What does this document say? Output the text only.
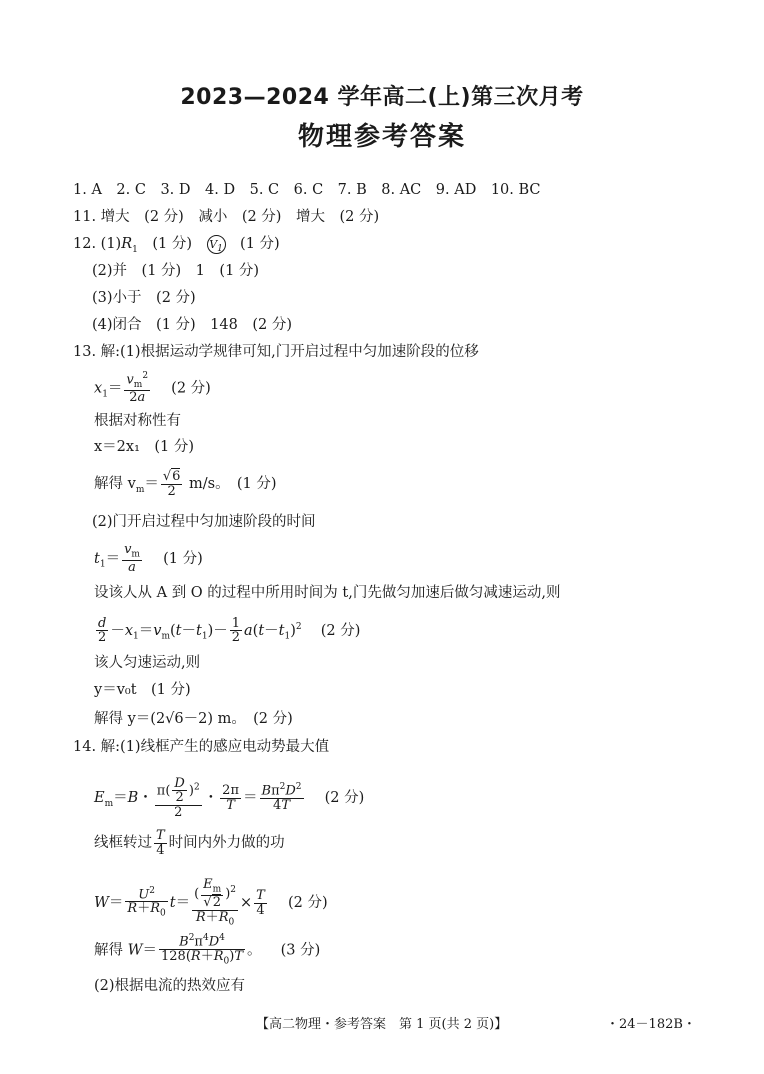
2023—2024 学年高二(上)第三次月考
物理参考答案
1. A　2. C　3. D　4. D　5. C　6. C　7. B　8. AC　9. AD　10. BC
11. 增大　(2 分)　减小　(2 分)　增大　(2 分)
12. $(1)R_1$　 (1 分)　 $V_1$　 (1 分)
(2)并　(1 分)　1　(1 分)
(3)小于　(2 分)
(4)闭合　(1 分)　148　(2 分)
13. 解:(1)根据运动学规律可知,门开启过程中匀加速阶段的位移
$x_1= \frac{v_m^2}{2a}$
　 (2 分)
根据对称性有
x＝2x₁　(1 分)
解得 $v_m= \frac{√6}{2} m/s$。　 (1 分)
(2)门开启过程中匀加速阶段的时间
$t_1= \frac{v_m}{a}$
　 (1 分)
设该人从 A 到 O 的过程中所用时间为 t,门先做匀加速后做匀减速运动,则
$\frac{d}{2} -x_1=v_m(t-t_1)- \frac{1}{2} a(t-t_1)^2$ 　 (2 分)
该人匀速运动,则
y＝v₀t　(1 分)
解得 y＝(2√6－2) m。　(2 分)
14. 解:(1)线框产生的感应电动势最大值
$E_m=B$・ $\frac{\pi( \frac{D}{2} )^2}{2}$ ・ $\frac{2\pi}{T} = \frac{B\pi^2D^2}{4T}$
　 (2 分)
线框转过 $\frac{T}{4}$ 时间内外力做的功
$W= \frac{U^2}{R+R_0} t= \frac{( \frac{E_m}{√2} )^2}{R+R_0} \times \frac{T}{4}$
　 (2 分)
解得 $W= \frac{B^2\pi^4D^4}{128(R+R_0)T}$ 。 　(3 分)
(2)根据电流的热效应有
【高二物理・参考答案　第 1 页(共 2 页)】	・24－182B・
